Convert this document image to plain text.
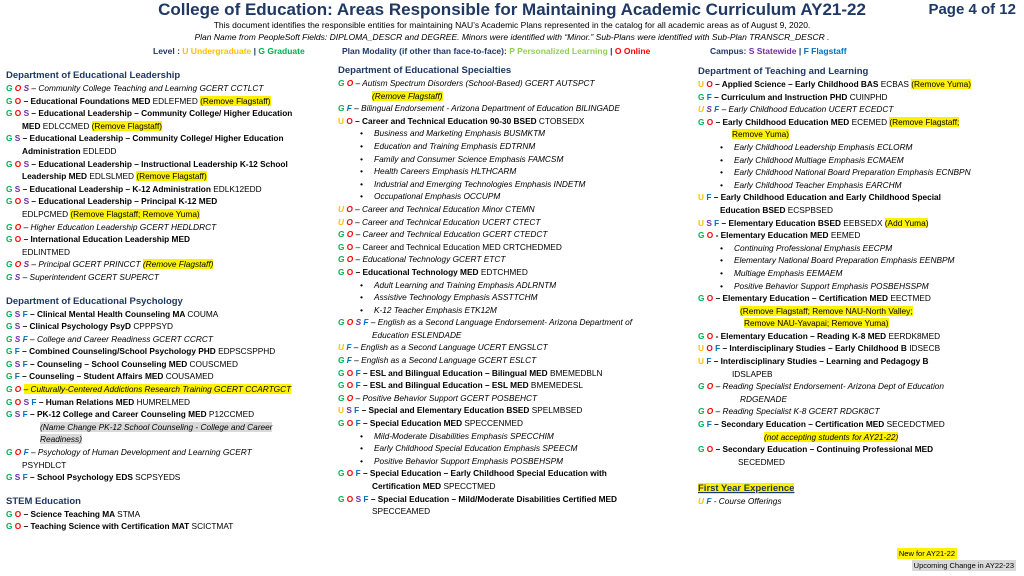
College of Education: Areas Responsible for Maintaining Academic Curriculum AY21-22	Page 4 of 12
This document identifies the responsible entities for maintaining NAU’s Academic Plans represented in the catalog for all academic areas as of August 9, 2020.
Plan Name from PeopleSoft Fields: DIPLOMA_DESCR and DEGREE. Minors were identified with “Minor.” Sub-Plans were identified with Sub-Plan TRANSCR_DESCR .
Level : U Undergraduate | G Graduate	Plan Modality (if other than face-to-face): P Personalized Learning | O Online	Campus: S Statewide | F Flagstaff
Department of Educational Leadership
G O S – Community College Teaching and Learning GCERT CCTLCT
G O – Educational Foundations MED EDLEFMED (Remove Flagstaff)
G O S – Educational Leadership – Community College/ Higher Education
MED EDLCCMED (Remove Flagstaff)
G S – Educational Leadership – Community College/ Higher Education
Administration EDLEDD
G O S – Educational Leadership – Instructional Leadership K-12 School
Leadership MED EDLSLMED (Remove Flagstaff)
G S – Educational Leadership – K-12 Administration EDLK12EDD
G O S – Educational Leadership – Principal K-12 MED
EDLPCMED (Remove Flagstaff; Remove Yuma)
G O – Higher Education Leadership GCERT HEDLDRCT
G O – International Education Leadership MED
EDLINTMED
G O S – Principal GCERT PRINCCT (Remove Flagstaff)
G S – Superintendent GCERT SUPERCT
Department of Educational Psychology
G S F – Clinical Mental Health Counseling MA COUMA
G S – Clinical Psychology PsyD CPPPSYD
G S F – College and Career Readiness GCERT CCRCT
G F – Combined Counseling/School Psychology PHD EDPSCSPPHD
G S F – Counseling – School Counseling MED COUSCMED
G F – Counseling – Student Affairs MED COUSAMED
G O – Culturally-Centered Addictions Research Training GCERT CCARTGCT
G O S F – Human Relations MED HUMRELMED
G S F – PK-12 College and Career Counseling MED P12CCMED
(Name Change PK-12 School Counseling - College and Career
Readiness)
G O F – Psychology of Human Development and Learning GCERT
PSYHDLCT
G S F – School Psychology EDS SCPSYEDS
STEM Education
G O – Science Teaching MA STMA
G O – Teaching Science with Certification MAT SCICTMAT
Department of Educational Specialties
G O – Autism Spectrum Disorders (School-Based) GCERT AUTSPCT
(Remove Flagstaff)
G F – Bilingual Endorsement - Arizona Department of Education BILINGADE
U O – Career and Technical Education 90-30 BSED CTOBSEDX
• Business and Marketing Emphasis BUSMKTM
• Education and Training Emphasis EDTRNM
• Family and Consumer Science Emphasis FAMCSM
• Health Careers Emphasis HLTHCARM
• Industrial and Emerging Technologies Emphasis INDETM
• Occupational Emphasis OCCUPM
U O – Career and Technical Education Minor CTEMN
U O – Career and Technical Education UCERT CTECT
G O – Career and Technical Education GCERT CTEDCT
G O – Career and Technical Education MED CRTCHEDMED
G O – Educational Technology GCERT ETCT
G O – Educational Technology MED EDTCHMED
• Adult Learning and Training Emphasis ADLRNTM
• Assistive Technology Emphasis ASSTTCHM
• K-12 Teacher Emphasis ETK12M
G O S F – English as a Second Language Endorsement- Arizona Department of
Education ESLENDADE
U F – English as a Second Language UCERT ENGSLCT
G F – English as a Second Language GCERT ESLCT
G O F – ESL and Bilingual Education – Bilingual MED BMEMEDBLN
G O F – ESL and Bilingual Education – ESL MED BMEMEDESL
G O – Positive Behavior Support GCERT POSBEHCT
U S F – Special and Elementary Education BSED SPELMBSED
G O F – Special Education MED SPECCENMED
• Mild-Moderate Disabilities Emphasis SPECCHIM
• Early Childhood Special Education Emphasis SPEECM
• Positive Behavior Support Emphasis POSBEHSPM
G O F – Special Education – Early Childhood Special Education with
Certification MED SPECCTMED
G O S F – Special Education – Mild/Moderate Disabilities Certified MED
SPECCEAMED
Department of Teaching and Learning
U O – Applied Science – Early Childhood BAS ECBAS (Remove Yuma)
G F – Curriculum and Instruction PHD CUINPHD
U S F – Early Childhood Education UCERT ECEDCT
G O – Early Childhood Education MED ECEMED (Remove Flagstaff;
Remove Yuma)
• Early Childhood Leadership Emphasis ECLORM
• Early Childhood Multiage Emphasis ECMAEM
• Early Childhood National Board Preparation Emphasis ECNBPN
• Early Childhood Teacher Emphasis EARCHM
U F – Early Childhood Education and Early Childhood Special
Education BSED ECSPBSED
U S F – Elementary Education BSED EEBSEDX (Add Yuma)
G O - Elementary Education MED EEMED
• Continuing Professional Emphasis EECPM
• Elementary National Board Preparation Emphasis EENBPM
• Multiage Emphasis EEMAEM
• Positive Behavior Support Emphasis POSBEHSSPM
G O – Elementary Education – Certification MED EECTMED
(Remove Flagstaff; Remove NAU-North Valley;
Remove NAU-Yavapai; Remove Yuma)
G O - Elementary Education – Reading K-8 MED EERDK8MED
U O F – Interdisciplinary Studies – Early Childhood B IDSECB
U F – Interdisciplinary Studies – Learning and Pedagogy B
IDSLAPEB
G O – Reading Specialist Endorsement- Arizona Dept of Education
RDGENADE
G O – Reading Specialist K-8 GCERT RDGK8CT
G F – Secondary Education – Certification MED SECEDCTMED
(not accepting students for AY21-22)
G O – Secondary Education – Continuing Professional MED
SECEDMED
First Year Experience
U F - Course Offerings
New for AY21-22
Upcoming Change in AY22-23
